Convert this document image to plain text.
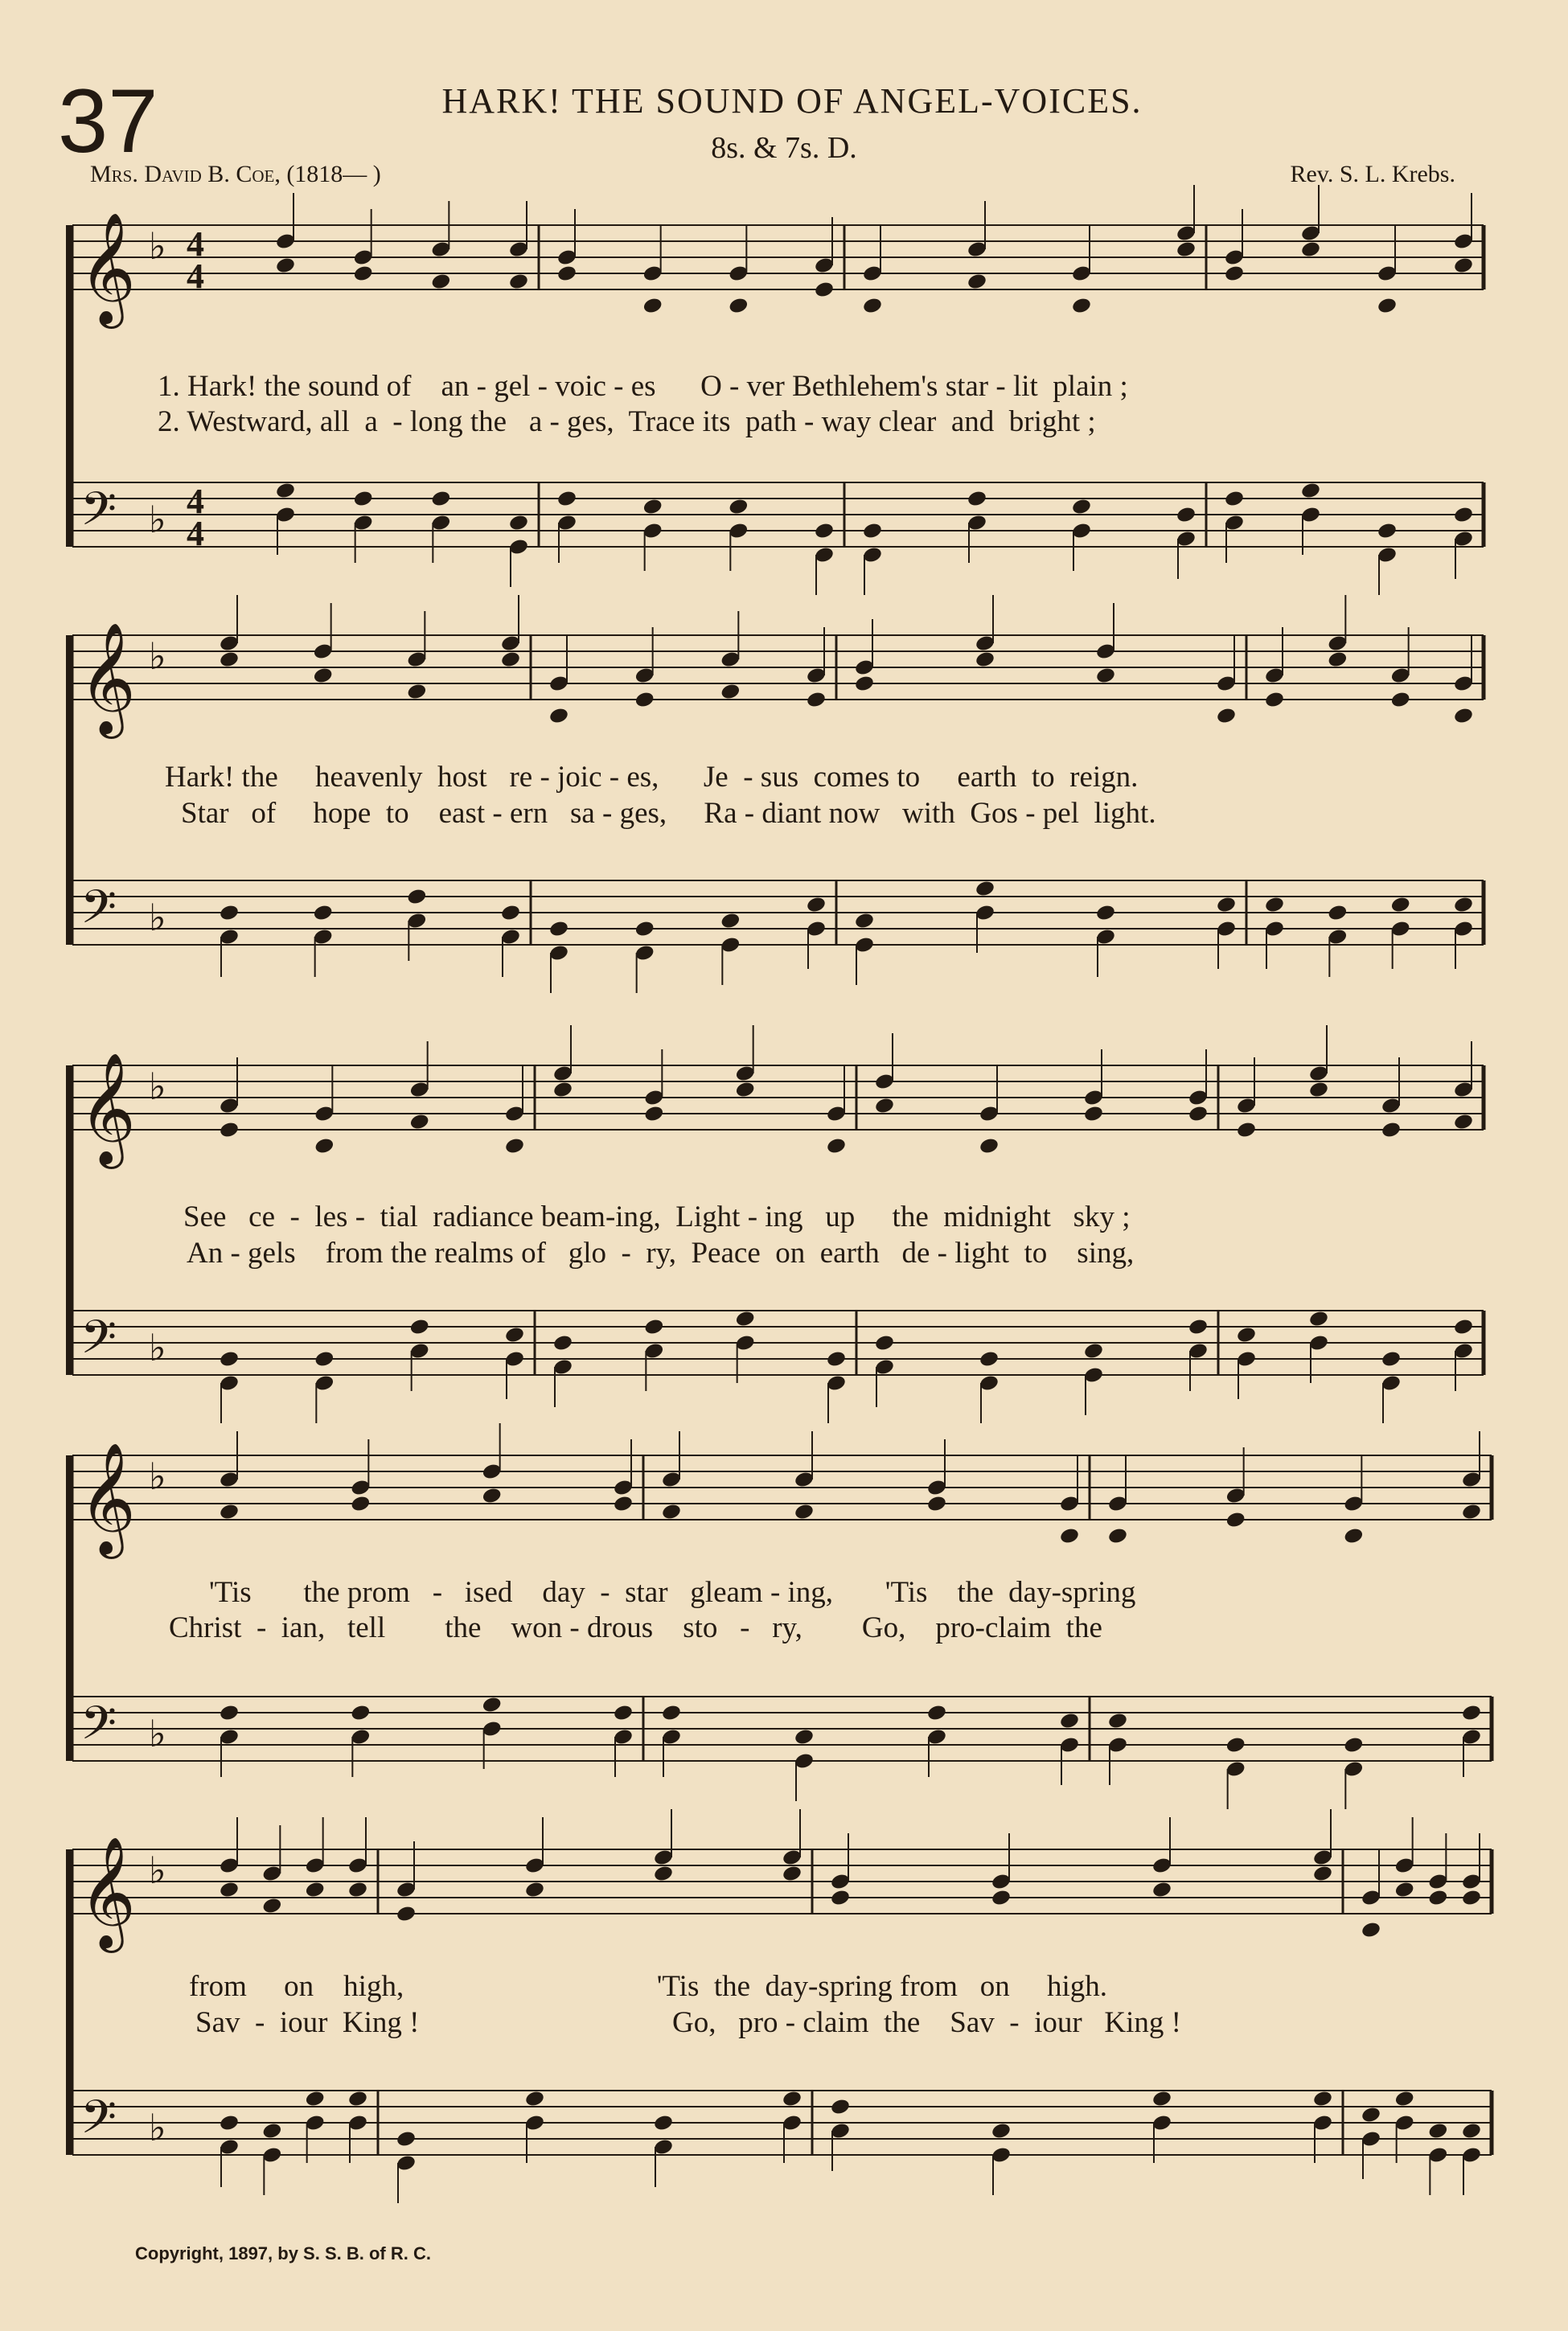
37	HARK! THE SOUND OF ANGEL-VOICES.
8s. & 7s. D.
Mrs. David B. Coe, (1818— )	Rev. S. L. Krebs.
𝄞
𝄢
♭
♭
4
4
4
4
𝄞
𝄢
♭
♭
𝄞
𝄢
♭
♭
𝄞
𝄢
♭
♭
𝄞
𝄢
♭
♭
1. Hark! the sound of    an - gel - voic - es      O - ver Bethlehem's star - lit  plain ;
2. Westward, all  a  - long the   a - ges,  Trace its  path - way clear  and  bright ;
Hark! the     heavenly  host   re - joic - es,      Je  - sus  comes to     earth  to  reign.
Star   of     hope  to    east - ern   sa - ges,     Ra - diant now   with  Gos - pel  light.
See   ce  -  les -  tial  radiance beam-ing,  Light - ing   up     the  midnight   sky ;
An - gels    from the realms of   glo  -  ry,  Peace  on  earth   de - light  to    sing,
'Tis       the prom   -   ised    day  -  star   gleam - ing,       'Tis    the  day-spring
Christ  -  ian,   tell        the    won - drous    sto   -   ry,        Go,    pro-claim  the
from     on    high,                                  'Tis  the  day-spring from   on     high.
Sav  -  iour  King !                                  Go,   pro - claim  the    Sav  -  iour   King !
Copyright, 1897, by S. S. B. of R. C.
